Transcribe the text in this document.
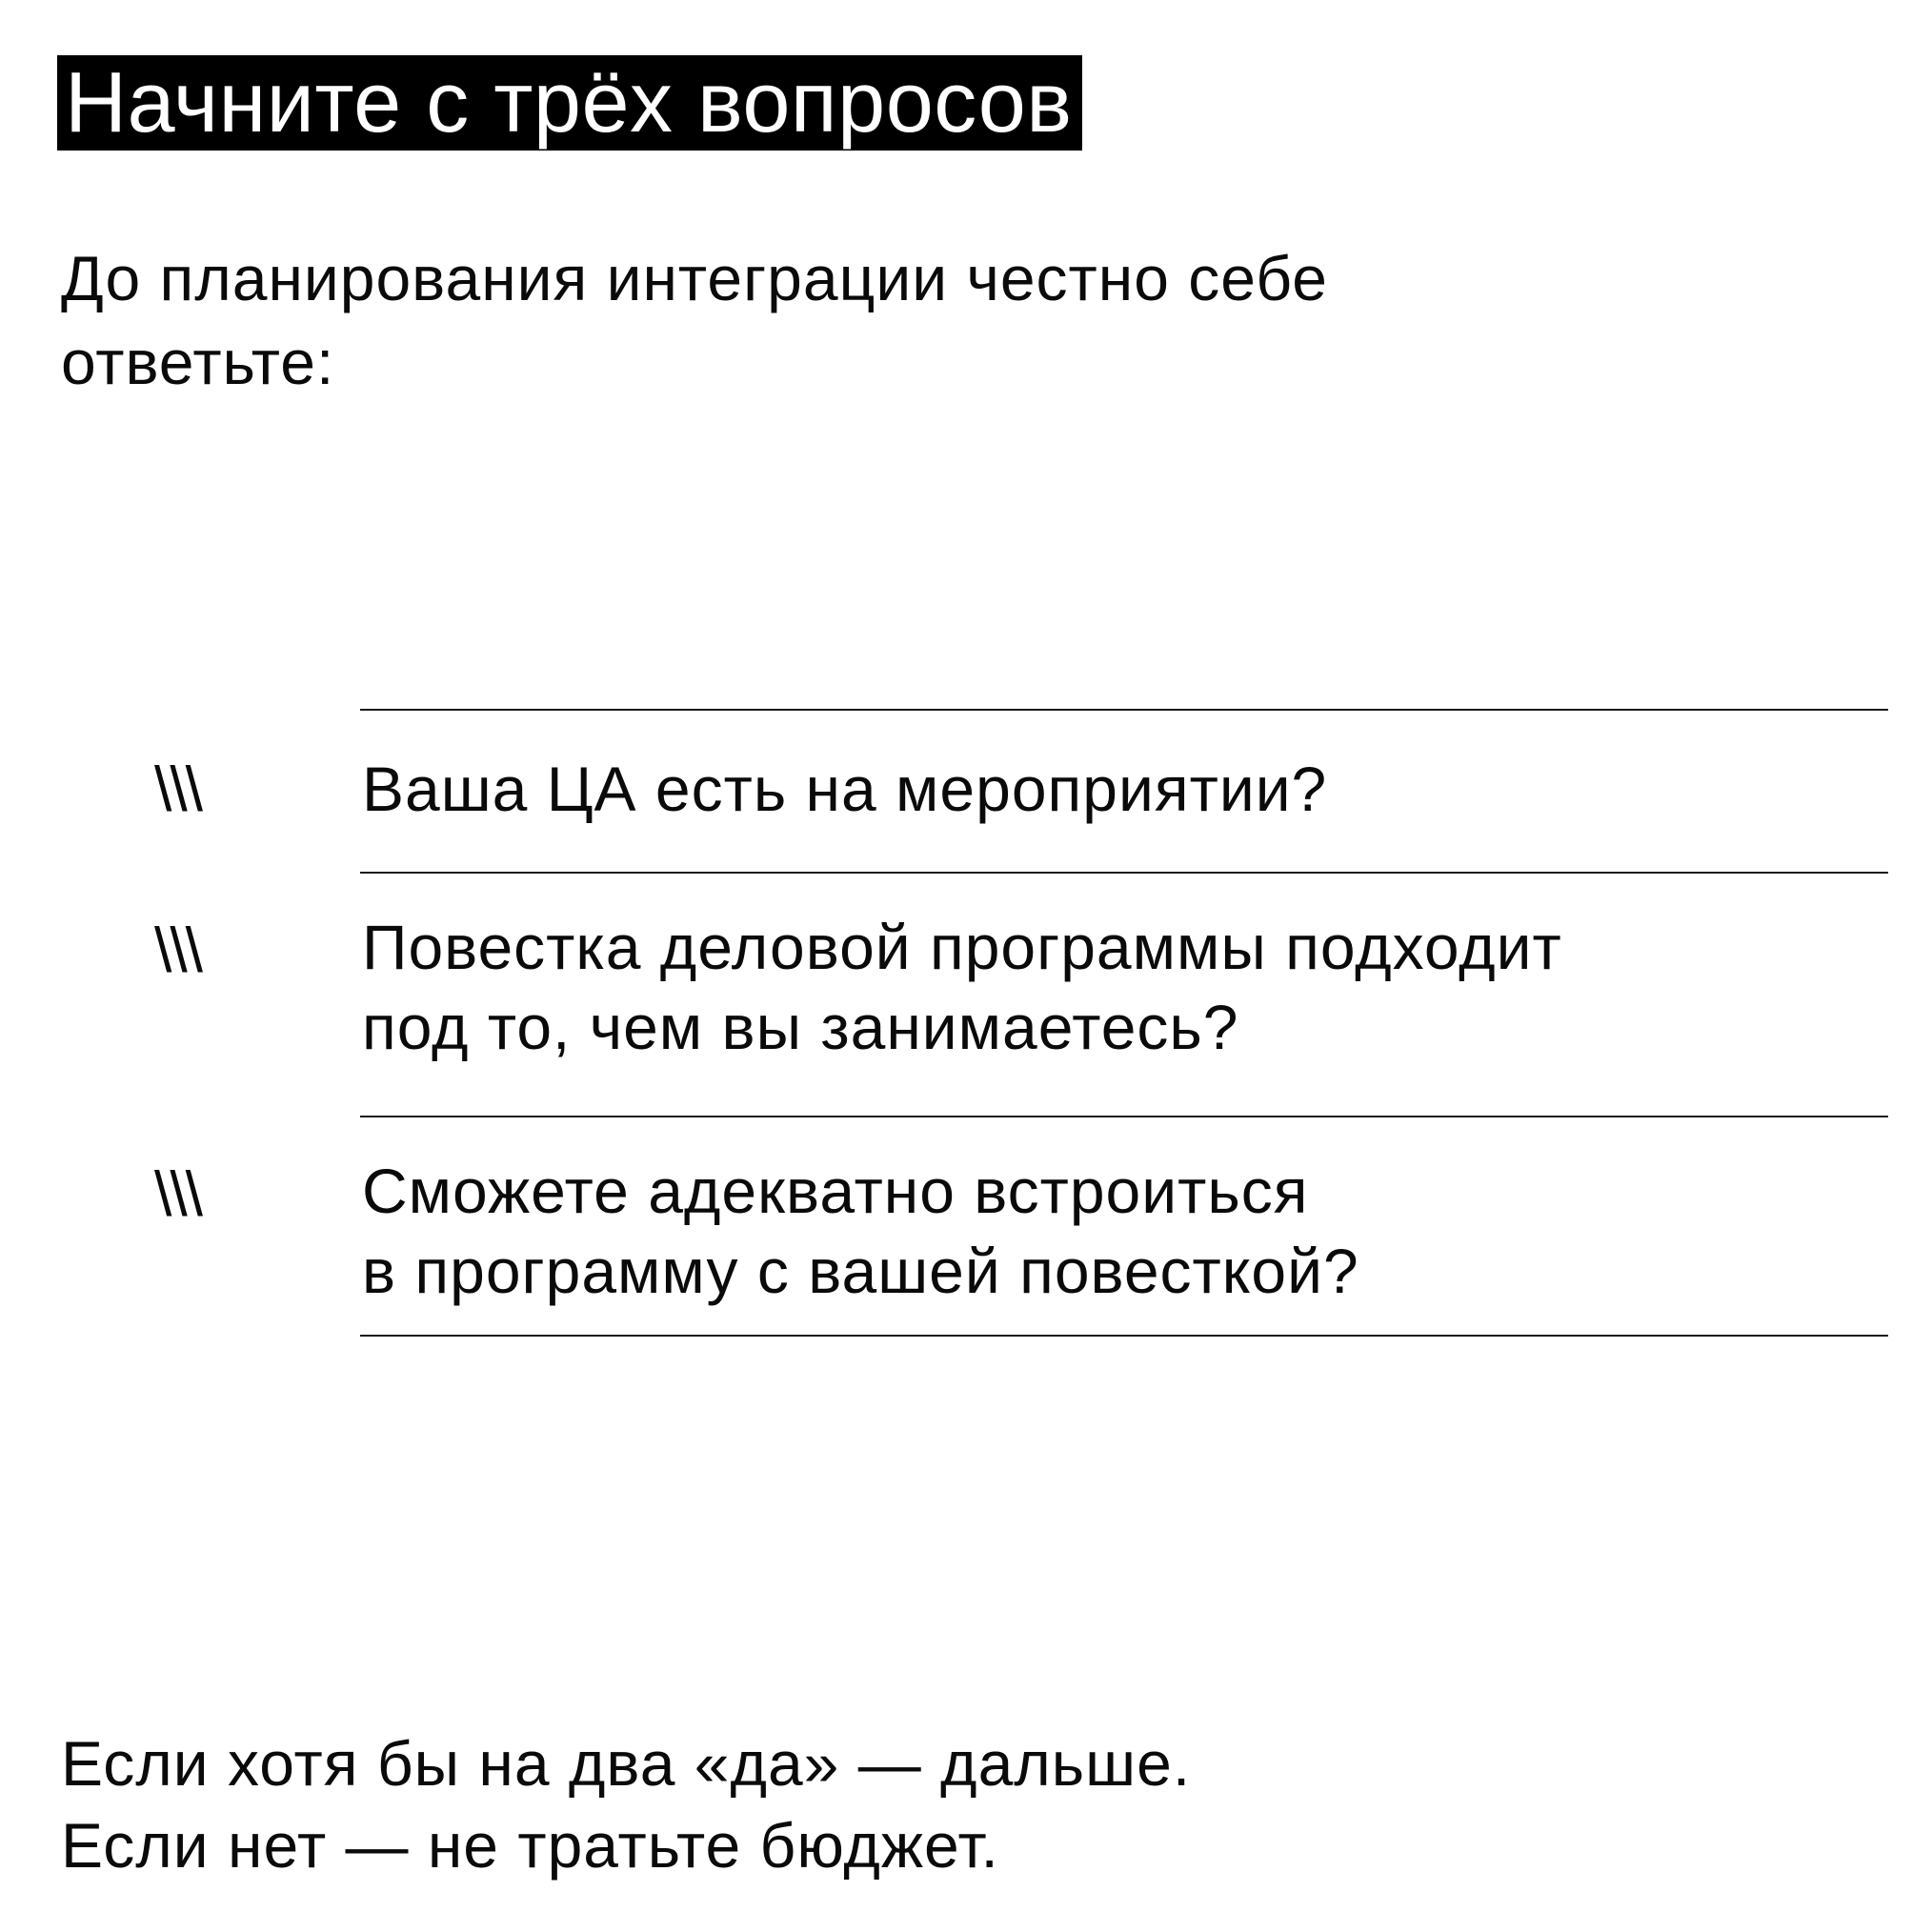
Начните с трёх вопросов
До планирования интеграции честно себе
ответьте:
\\\	Ваша ЦА есть на мероприятии?
\\\	Повестка деловой программы подходит
под то, чем вы занимаетесь?
\\\	Сможете адекватно встроиться
в программу с вашей повесткой?
Если хотя бы на два «да» — дальше.
Если нет — не тратьте бюджет.
